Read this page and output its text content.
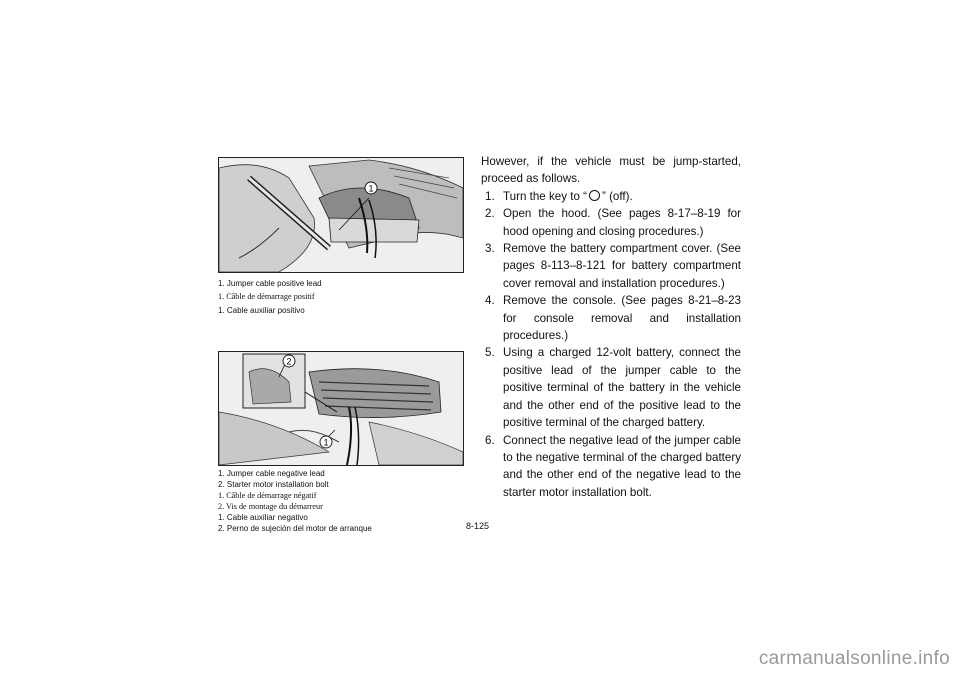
1
1. Jumper cable positive lead
1. Câble de démarrage positif
1. Cable auxiliar positivo
1
2
1. Jumper cable negative lead
2. Starter motor installation bolt
1. Câble de démarrage négatif
2. Vis de montage du démarreur
1. Cable auxiliar negativo
2. Perno de sujeción del motor de arranque	8-125

However, if the vehicle must be jump-started, proceed as follows.

1. Turn the key to “ ” (off).
2. Open the hood. (See pages 8-17–8-19 for hood opening and closing procedures.)
3. Remove the battery compartment cover. (See pages 8-113–8-121 for battery compartment cover removal and installation procedures.)
4. Remove the console. (See pages 8-21–8-23 for console removal and installation procedures.)
5. Using a charged 12-volt battery, connect the positive lead of the jumper cable to the positive terminal of the battery in the vehicle and the other end of the positive lead to the positive terminal of the charged battery.
6. Connect the negative lead of the jumper cable to the negative terminal of the charged battery and the other end of the negative lead to the starter motor installation bolt.
carmanualsonline.info
